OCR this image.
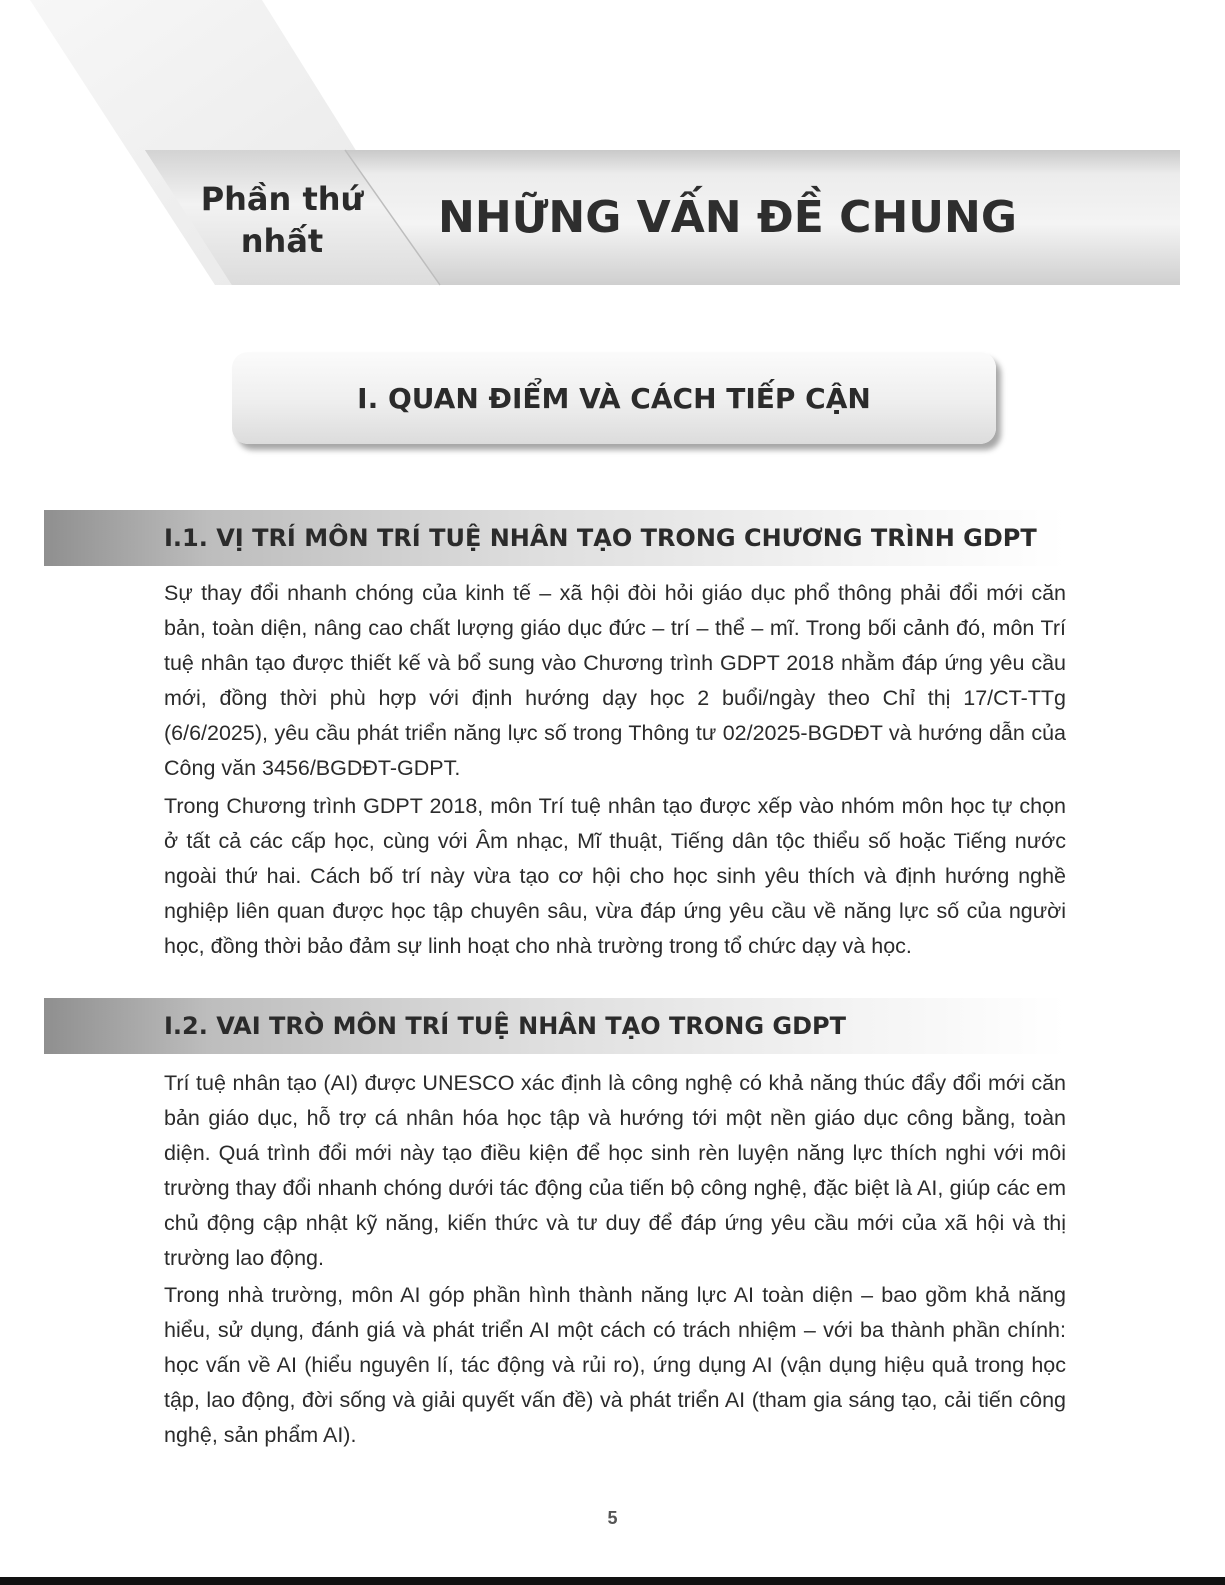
Phần thứ nhất	NHỮNG VẤN ĐỀ CHUNG
I. QUAN ĐIỂM VÀ CÁCH TIẾP CẬN
I.1. VỊ TRÍ MÔN TRÍ TUỆ NHÂN TẠO TRONG CHƯƠNG TRÌNH GDPT

Sự thay đổi nhanh chóng của kinh tế – xã hội đòi hỏi giáo dục phổ thông phải đổi mới căn bản, toàn diện, nâng cao chất lượng giáo dục đức – trí – thể – mĩ. Trong bối cảnh đó, môn Trí tuệ nhân tạo được thiết kế và bổ sung vào Chương trình GDPT 2018 nhằm đáp ứng yêu cầu mới, đồng thời phù hợp với định hướng dạy học 2 buổi/ngày theo Chỉ thị 17/CT-TTg (6/6/2025), yêu cầu phát triển năng lực số trong Thông tư 02/2025-BGDĐT và hướng dẫn của Công văn 3456/BGDĐT-GDPT.

Trong Chương trình GDPT 2018, môn Trí tuệ nhân tạo được xếp vào nhóm môn học tự chọn ở tất cả các cấp học, cùng với Âm nhạc, Mĩ thuật, Tiếng dân tộc thiểu số hoặc Tiếng nước ngoài thứ hai. Cách bố trí này vừa tạo cơ hội cho học sinh yêu thích và định hướng nghề nghiệp liên quan được học tập chuyên sâu, vừa đáp ứng yêu cầu về năng lực số của người học, đồng thời bảo đảm sự linh hoạt cho nhà trường trong tổ chức dạy và học.

I.2. VAI TRÒ MÔN TRÍ TUỆ NHÂN TẠO TRONG GDPT

Trí tuệ nhân tạo (AI) được UNESCO xác định là công nghệ có khả năng thúc đẩy đổi mới căn bản giáo dục, hỗ trợ cá nhân hóa học tập và hướng tới một nền giáo dục công bằng, toàn diện. Quá trình đổi mới này tạo điều kiện để học sinh rèn luyện năng lực thích nghi với môi trường thay đổi nhanh chóng dưới tác động của tiến bộ công nghệ, đặc biệt là AI, giúp các em chủ động cập nhật kỹ năng, kiến thức và tư duy để đáp ứng yêu cầu mới của xã hội và thị trường lao động.

Trong nhà trường, môn AI góp phần hình thành năng lực AI toàn diện – bao gồm khả năng hiểu, sử dụng, đánh giá và phát triển AI một cách có trách nhiệm – với ba thành phần chính: học vấn về AI (hiểu nguyên lí, tác động và rủi ro), ứng dụng AI (vận dụng hiệu quả trong học tập, lao động, đời sống và giải quyết vấn đề) và phát triển AI (tham gia sáng tạo, cải tiến công nghệ, sản phẩm AI).

5
